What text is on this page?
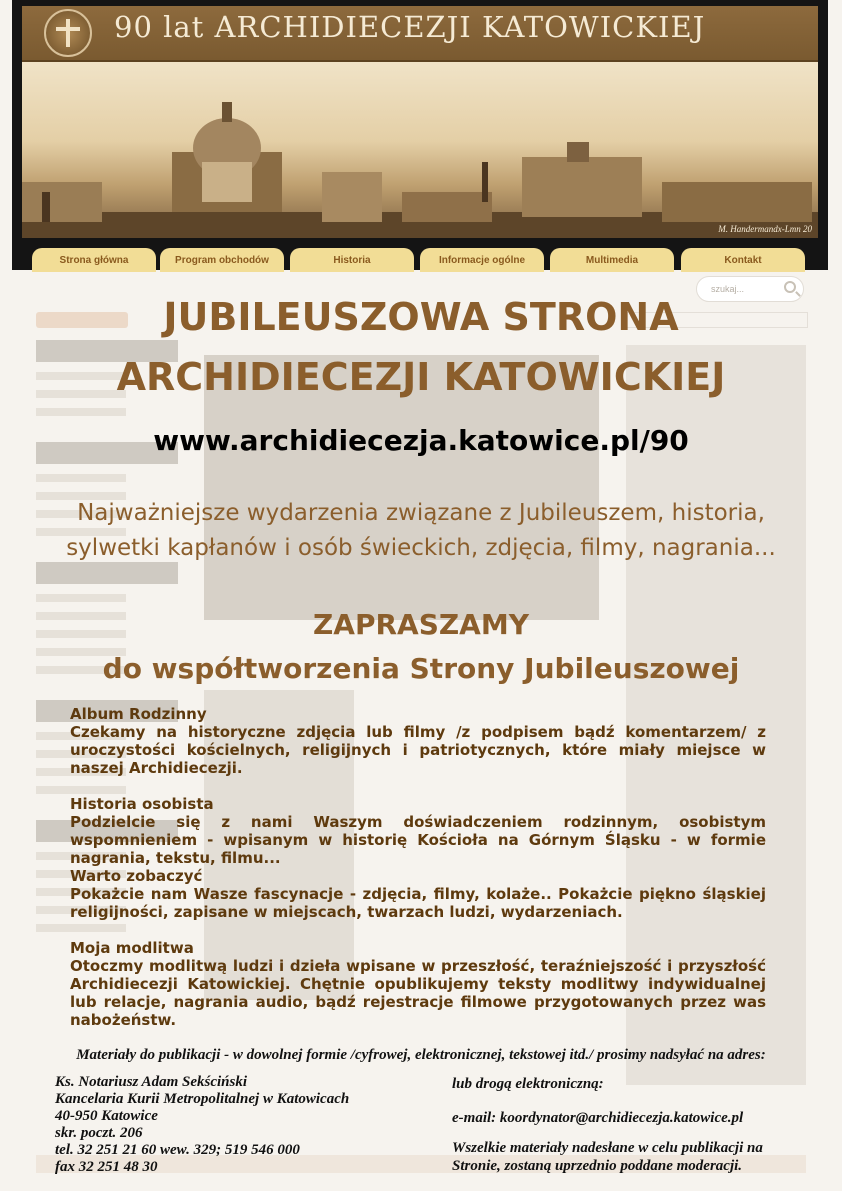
90 lat ARCHIDIECEZJI KATOWICKIEJ
M. Handermandx-Lmn 20
Strona główna	Program obchodów	Historia	Informacje ogólne	Multimedia	Kontakt
szukaj...
JUBILEUSZOWA STRONA
ARCHIDIECEZJI KATOWICKIEJ
www.archidiecezja.katowice.pl/90
Najważniejsze wydarzenia związane z Jubileuszem, historia,
sylwetki kapłanów i osób świeckich, zdjęcia, filmy, nagrania...
ZAPRASZAMY
do współtworzenia Strony Jubileuszowej
Album Rodzinny
Czekamy na historyczne zdjęcia lub filmy /z podpisem bądź komentarzem/ z uroczystości kościelnych, religijnych i patriotycznych, które miały miejsce w naszej Archidiecezji.
Historia osobista
Podzielcie się z nami Waszym doświadczeniem rodzinnym, osobistym wspomnieniem - wpisanym w historię Kościoła na Górnym Śląsku - w formie nagrania, tekstu, filmu...
Warto zobaczyć
Pokażcie nam Wasze fascynacje - zdjęcia, filmy, kolaże.. Pokażcie piękno śląskiej religijności, zapisane w miejscach, twarzach ludzi, wydarzeniach.
Moja modlitwa
Otoczmy modlitwą ludzi i dzieła wpisane w przeszłość, teraźniejszość i przyszłość Archidiecezji Katowickiej. Chętnie opublikujemy teksty modlitwy indywidualnej lub relacje, nagrania audio, bądź rejestracje filmowe przygotowanych przez was nabożeństw.
Materiały do publikacji - w dowolnej formie /cyfrowej, elektronicznej, tekstowej itd./ prosimy nadsyłać na adres:
Ks. Notariusz Adam Sekściński
Kancelaria Kurii Metropolitalnej w Katowicach
40-950 Katowice
skr. poczt. 206
tel. 32 251 21 60 wew. 329; 519 546 000
fax 32 251 48 30
lub drogą elektroniczną:
e-mail: koordynator@archidiecezja.katowice.pl
Wszelkie materiały nadesłane w celu publikacji na Stronie, zostaną uprzednio poddane moderacji.
